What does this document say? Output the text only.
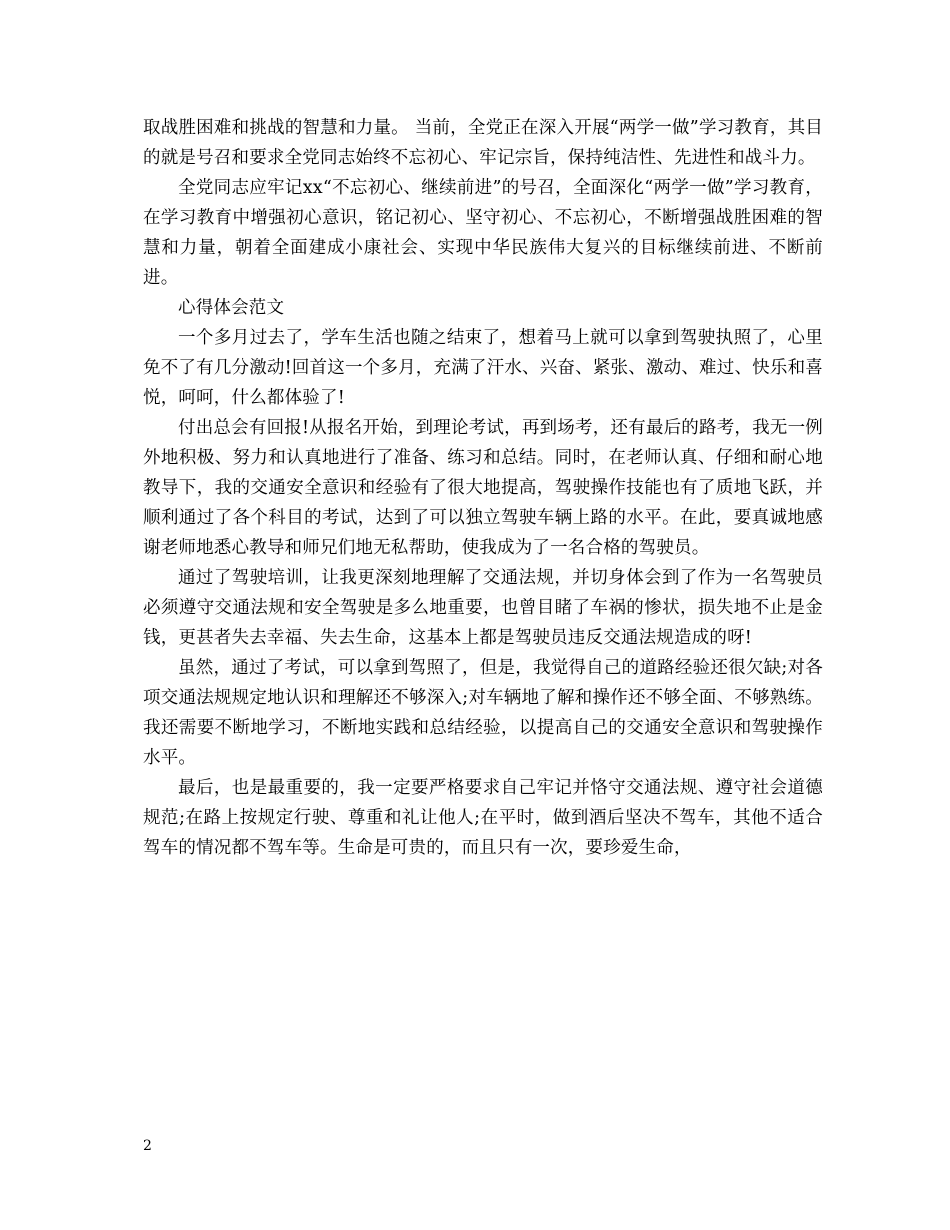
取战胜困难和挑战的智慧和力量。 当前，全党正在深入开展“两学一做”学习教育，其目的就是号召和要求全党同志始终不忘初心、牢记宗旨，保持纯洁性、先进性和战斗力。

全党同志应牢记xx“不忘初心、继续前进”的号召，全面深化“两学一做”学习教育，在学习教育中增强初心意识，铭记初心、坚守初心、不忘初心，不断增强战胜困难的智慧和力量，朝着全面建成小康社会、实现中华民族伟大复兴的目标继续前进、不断前进。

心得体会范文

一个多月过去了，学车生活也随之结束了，想着马上就可以拿到驾驶执照了，心里免不了有几分激动!回首这一个多月，充满了汗水、兴奋、紧张、激动、难过、快乐和喜悦，呵呵，什么都体验了!

付出总会有回报!从报名开始，到理论考试，再到场考，还有最后的路考，我无一例外地积极、努力和认真地进行了准备、练习和总结。同时，在老师认真、仔细和耐心地教导下，我的交通安全意识和经验有了很大地提高，驾驶操作技能也有了质地飞跃，并顺利通过了各个科目的考试，达到了可以独立驾驶车辆上路的水平。在此，要真诚地感谢老师地悉心教导和师兄们地无私帮助，使我成为了一名合格的驾驶员。

通过了驾驶培训，让我更深刻地理解了交通法规，并切身体会到了作为一名驾驶员必须遵守交通法规和安全驾驶是多么地重要，也曾目睹了车祸的惨状，损失地不止是金钱，更甚者失去幸福、失去生命，这基本上都是驾驶员违反交通法规造成的呀!

虽然，通过了考试，可以拿到驾照了，但是，我觉得自己的道路经验还很欠缺;对各项交通法规规定地认识和理解还不够深入;对车辆地了解和操作还不够全面、不够熟练。我还需要不断地学习，不断地实践和总结经验，以提高自己的交通安全意识和驾驶操作水平。

最后，也是最重要的，我一定要严格要求自己牢记并恪守交通法规、遵守社会道德规范;在路上按规定行驶、尊重和礼让他人;在平时，做到酒后坚决不驾车，其他不适合驾车的情况都不驾车等。生命是可贵的，而且只有一次，要珍爱生命，

2
